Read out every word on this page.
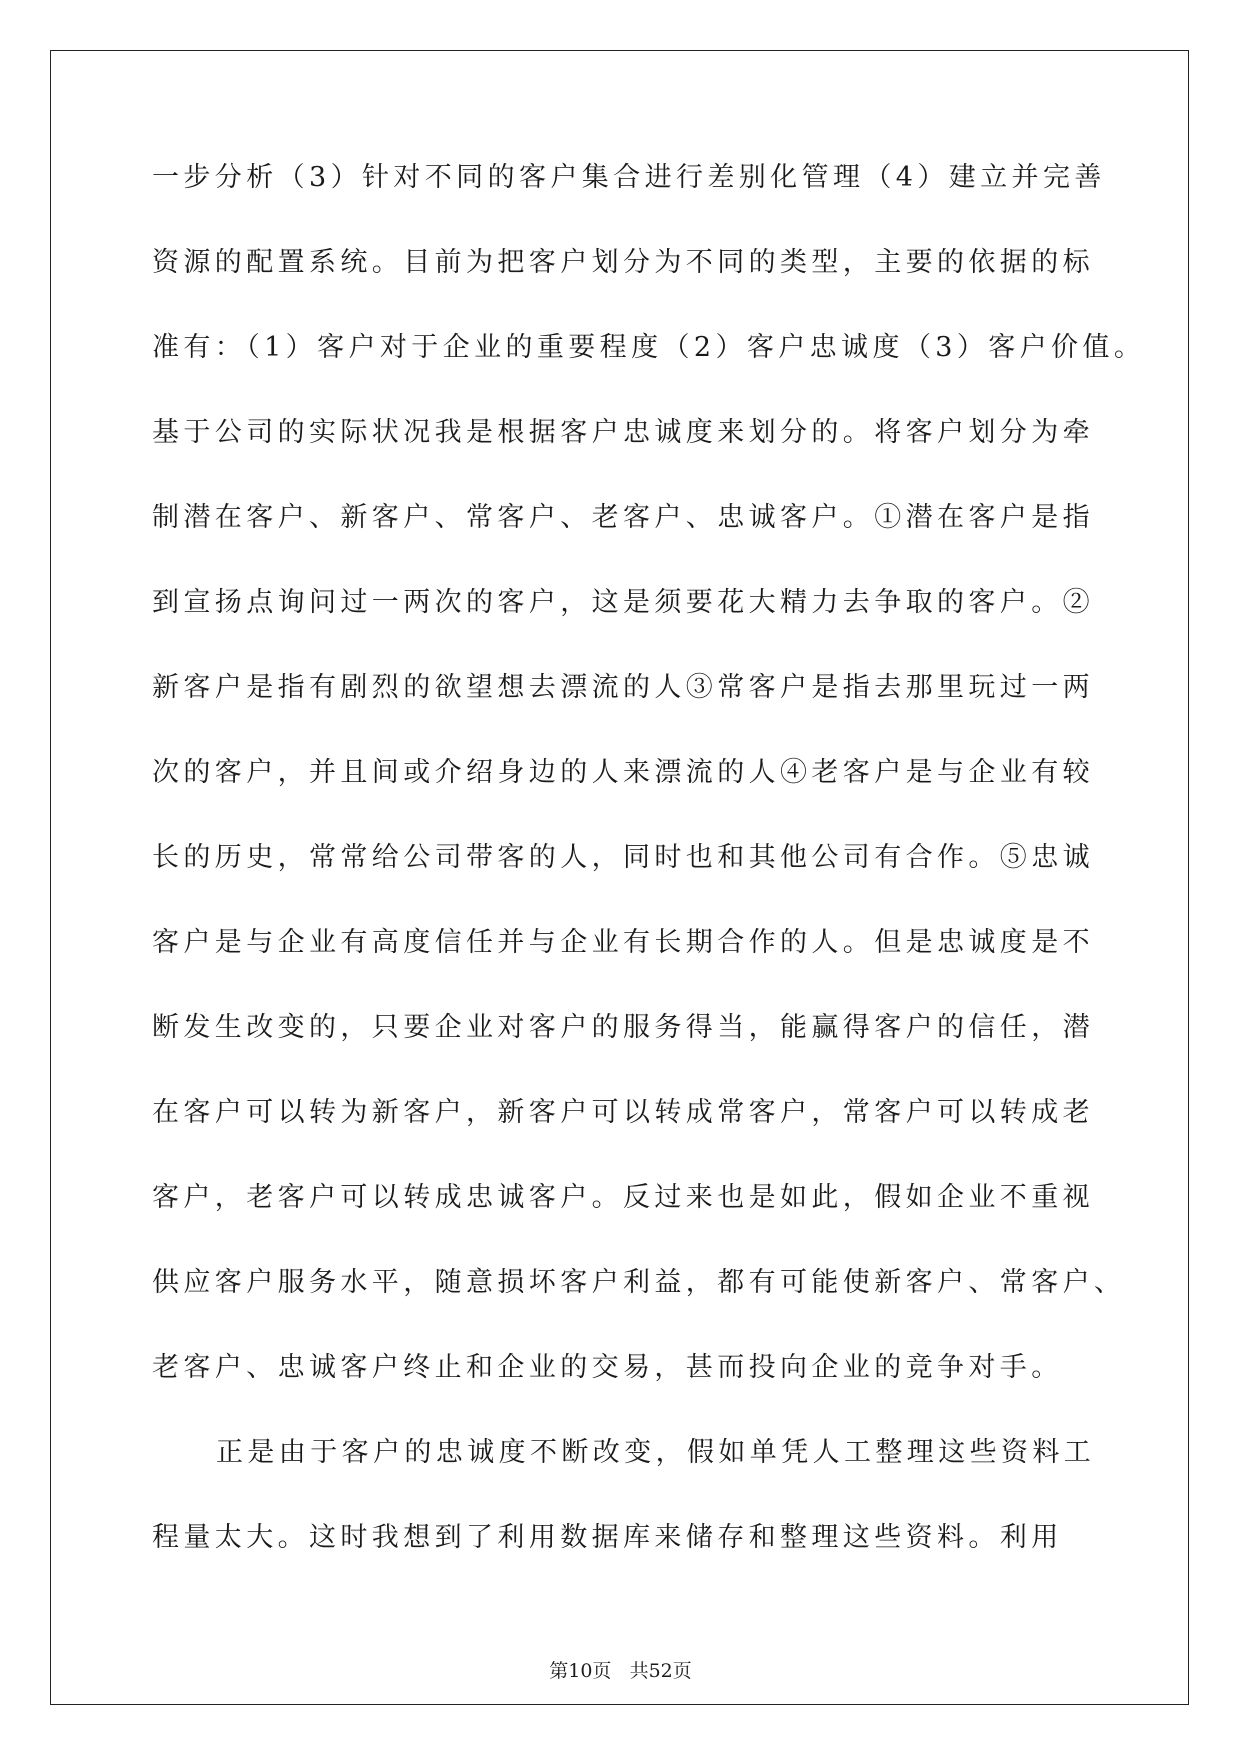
一步分析（3）针对不同的客户集合进行差别化管理（4）建立并完善
资源的配置系统。目前为把客户划分为不同的类型，主要的依据的标
准有：（1）客户对于企业的重要程度（2）客户忠诚度（3）客户价值。
基于公司的实际状况我是根据客户忠诚度来划分的。将客户划分为牵
制潜在客户、新客户、常客户、老客户、忠诚客户。①潜在客户是指
到宣扬点询问过一两次的客户，这是须要花大精力去争取的客户。②
新客户是指有剧烈的欲望想去漂流的人③常客户是指去那里玩过一两
次的客户，并且间或介绍身边的人来漂流的人④老客户是与企业有较
长的历史，常常给公司带客的人，同时也和其他公司有合作。⑤忠诚
客户是与企业有高度信任并与企业有长期合作的人。但是忠诚度是不
断发生改变的，只要企业对客户的服务得当，能赢得客户的信任，潜
在客户可以转为新客户，新客户可以转成常客户，常客户可以转成老
客户，老客户可以转成忠诚客户。反过来也是如此，假如企业不重视
供应客户服务水平，随意损坏客户利益，都有可能使新客户、常客户、
老客户、忠诚客户终止和企业的交易，甚而投向企业的竞争对手。
正是由于客户的忠诚度不断改变，假如单凭人工整理这些资料工
程量太大。这时我想到了利用数据库来储存和整理这些资料。利用
第10页 共52页
